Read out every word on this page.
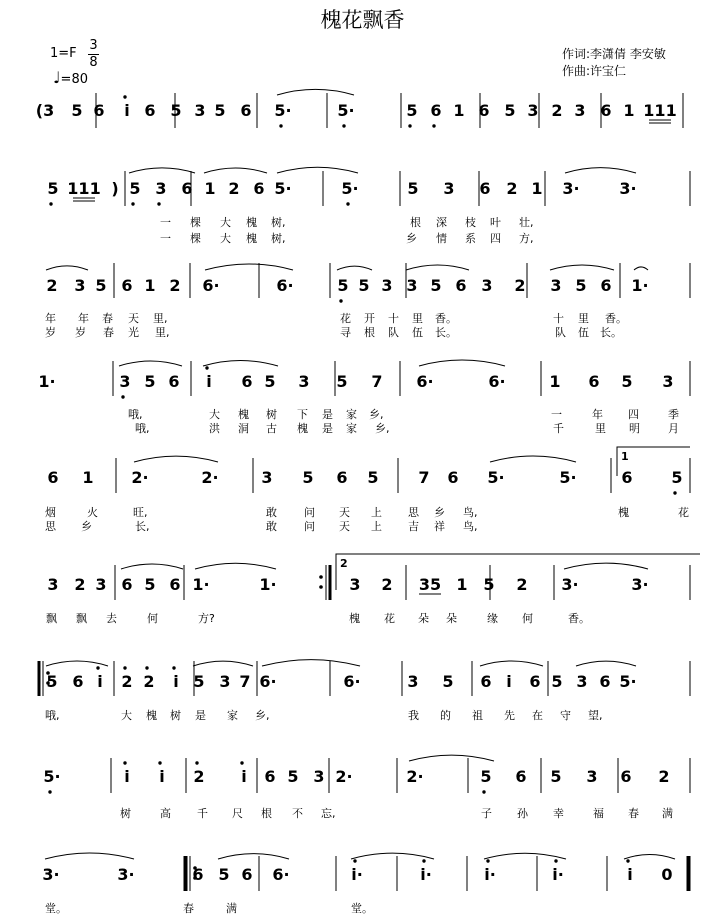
槐花飘香
1=F
3
8
♩=80
作词:李潇倩 李安敏
作曲:许宝仁
1
2
(3 5 6 i 6 5 3 5 6 5·	5·	5 6 1 6 5 3 2 3 6 1 111
5 111 ) 5 3 6 1 2 6 5·	5·	5 3 6 2 1 3· 3·
2 3 5 6 1 2 6·	6·	5 5 3 3 5 6 3 2 3 5 6 1·
1·	3 5 6 i 6 5 3 5 7 6·	6·	1 6 5 3
6 1 2·	2·	3 5 6 5 7 6 5·	5·	6 5
3 2 3 6 5 6 1·	1·	3 2 35 1 5 2 3·	3·
5 6 i 2 2 i 5 3 7 6·	6·	3 5 6 i 6 5 3 6 5·
5·	i i 2 i 6 5 3 2·	2·	5 6 5 3 6 2
3·	3·	6 5 6 6·	i·	i·	i·	i·	i 0
一 棵 大 槐 树,	根 深 枝 叶 壮,
一 棵 大 槐 树,	乡 情 系 四 方,
年 年 春 天 里,	花 开 十 里 香。	十 里 香。
岁 岁 春 光 里,	寻 根 队 伍 长。	队 伍 长。
哦,	大 槐 树 下 是 家 乡,	一	年 四	季
哦,	洪 洞 古 槐 是 家 乡,	千	里 明	月
烟	火	旺,	敢 问 天 上 思 乡 鸟,	槐	花
思 乡	长,	敢 问 天 上 吉 祥 鸟,
飘 飘 去	何	方?	槐 花 朵 朵	缘 何	香。
哦,	大 槐 树 是 家 乡,	我 的 祖 先 在 守 望,
树	高 千 尺 根 不 忘,	子 孙 幸	福 春 满
堂。	春	满	堂。
